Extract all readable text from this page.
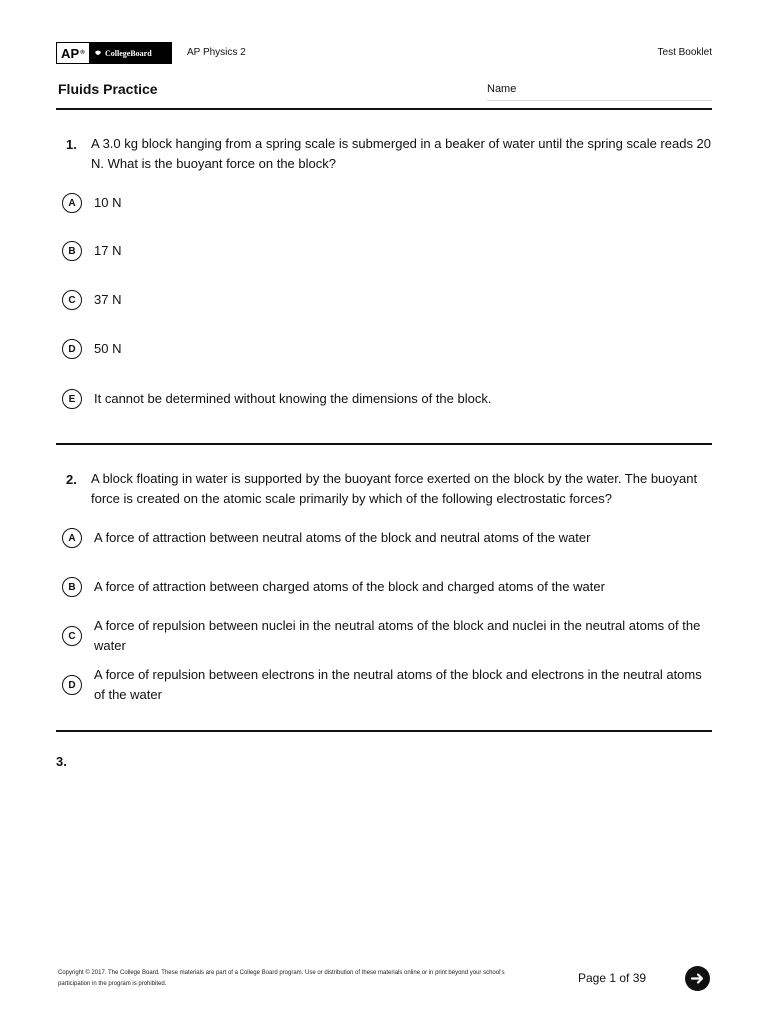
AP ® CollegeBoard	AP Physics 2	Test Booklet
Fluids Practice	Name
1. A 3.0 kg block hanging from a spring scale is submerged in a beaker of water until the spring scale reads 20 N. What is the buoyant force on the block?
A	10 N
B	17 N
C	37 N
D	50 N
E	It cannot be determined without knowing the dimensions of the block.
2. A block floating in water is supported by the buoyant force exerted on the block by the water. The buoyant force is created on the atomic scale primarily by which of the following electrostatic forces?
A	A force of attraction between neutral atoms of the block and neutral atoms of the water
B	A force of attraction between charged atoms of the block and charged atoms of the water
C
A force of repulsion between nuclei in the neutral atoms of the block and nuclei in the neutral atoms of the water
D
A force of repulsion between electrons in the neutral atoms of the block and electrons in the neutral atoms of the water
3.
Copyright © 2017. The College Board. These materials are part of a College Board program. Use or distribution of these materials online or in print beyond your school's participation in the program is prohibited.	Page 1 of 39
